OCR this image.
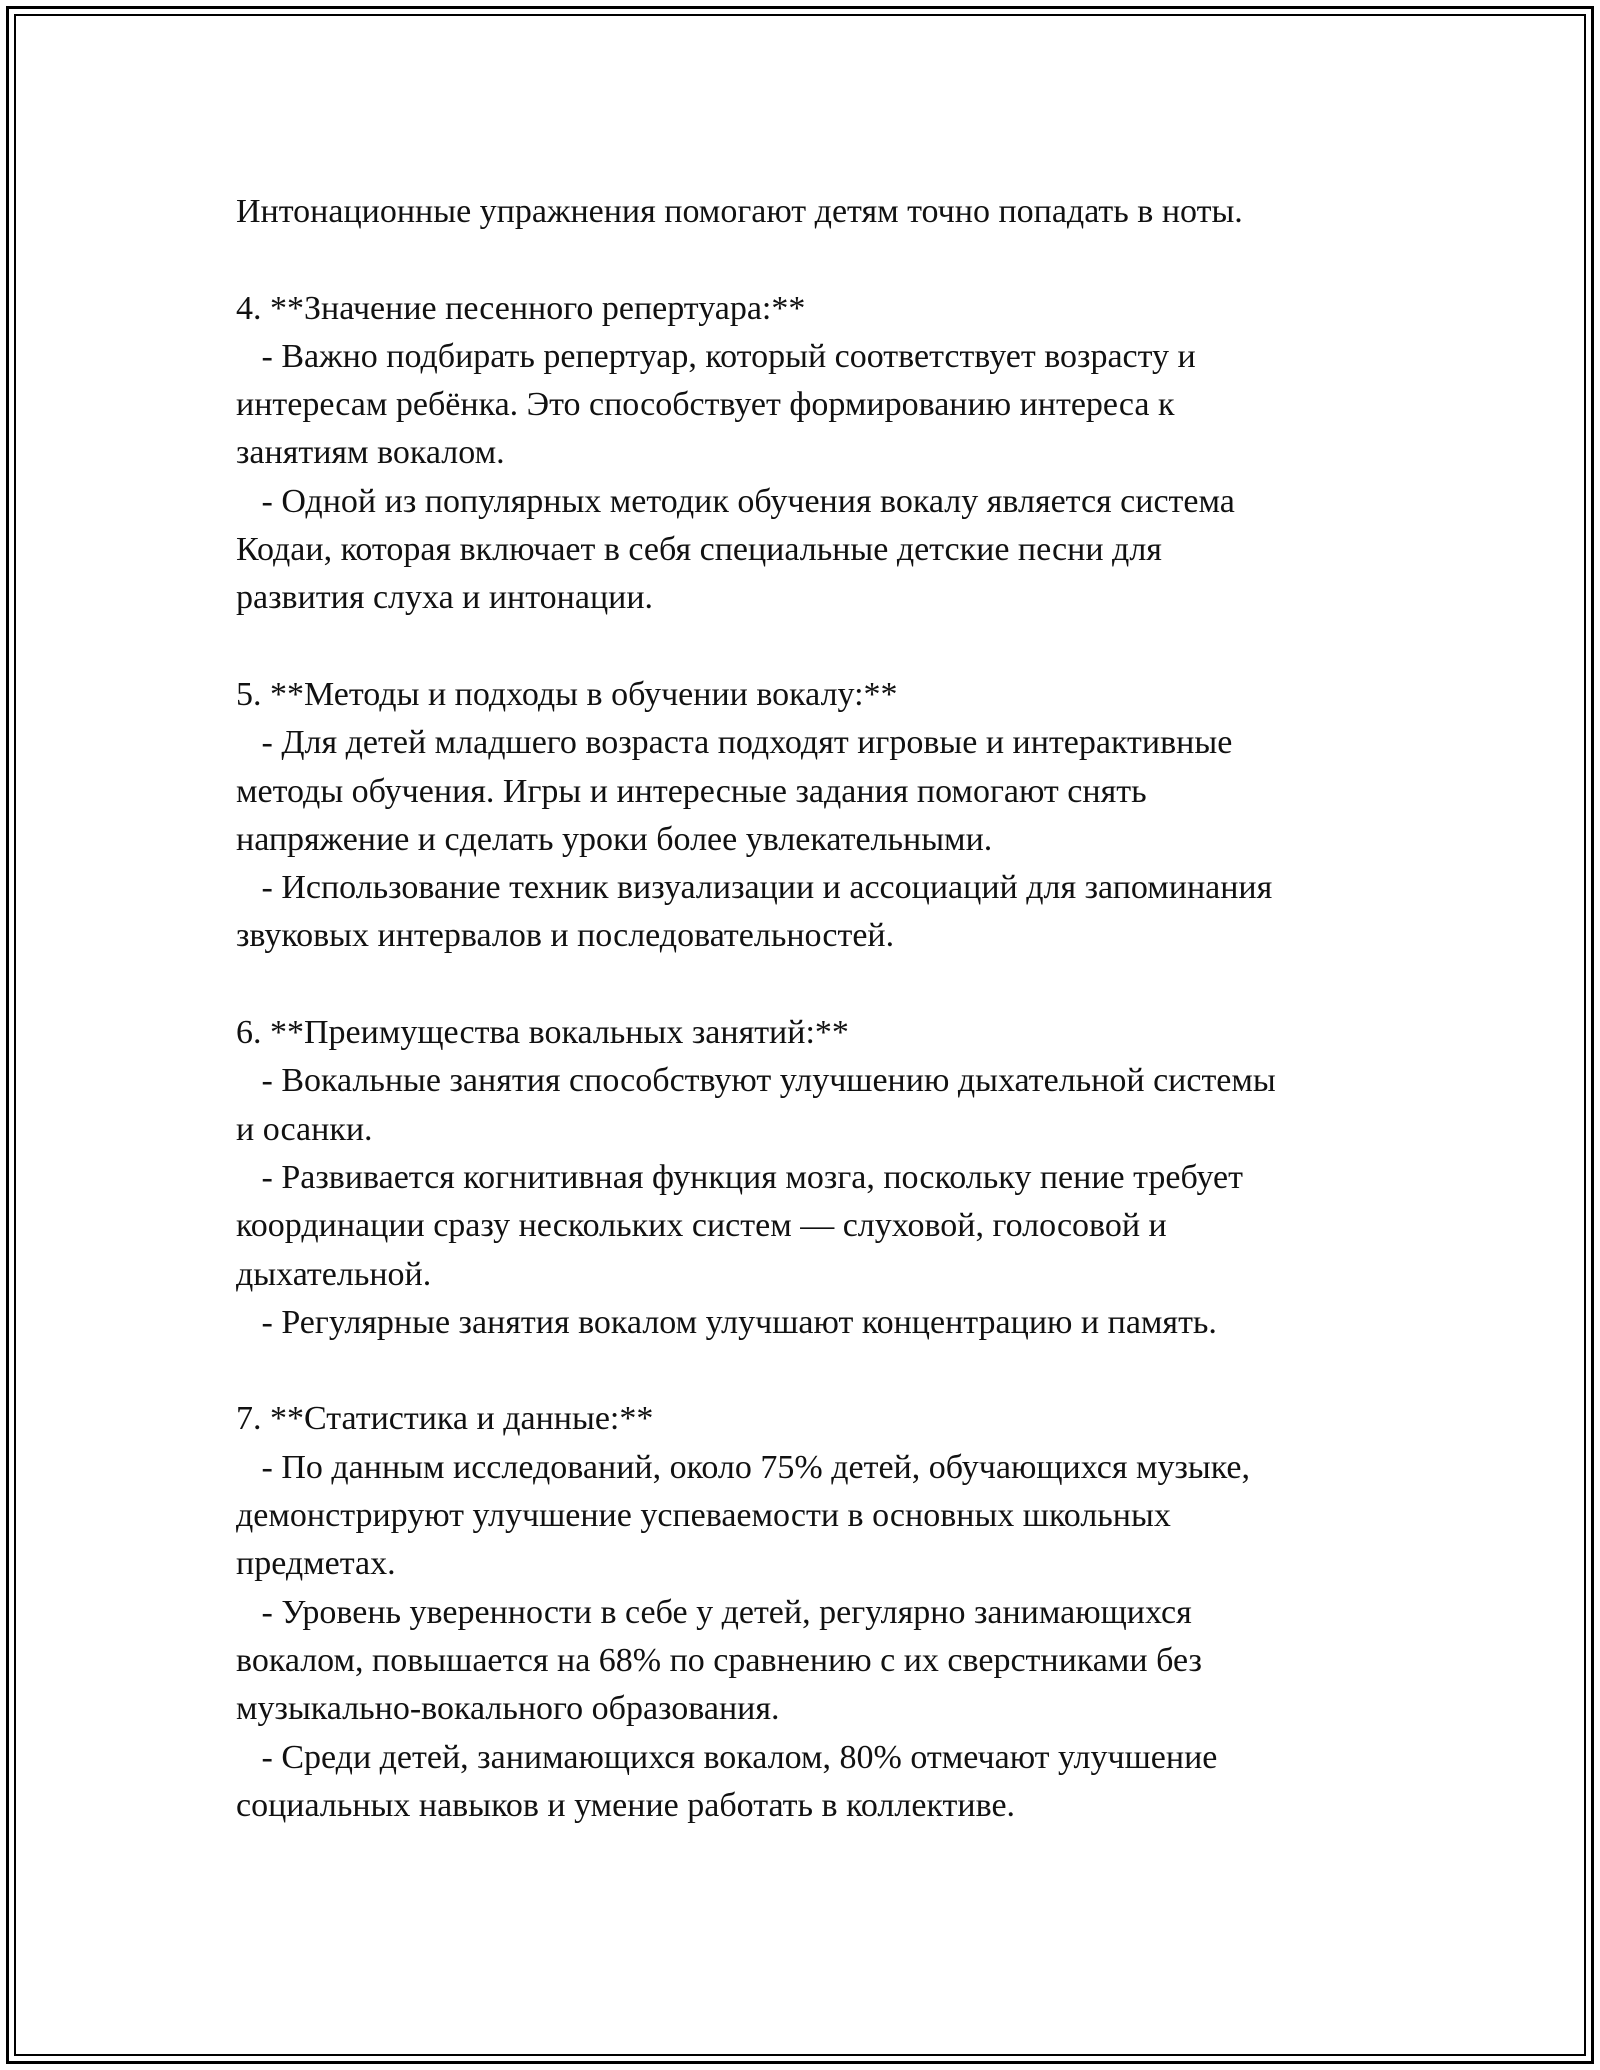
Интонационные упражнения помогают детям точно попадать в ноты.

4. **Значение песенного репертуара:**

- Важно подбирать репертуар, который соответствует возрасту и

интересам ребёнка. Это способствует формированию интереса к

занятиям вокалом.

- Одной из популярных методик обучения вокалу является система

Кодаи, которая включает в себя специальные детские песни для

развития слуха и интонации.

5. **Методы и подходы в обучении вокалу:**

- Для детей младшего возраста подходят игровые и интерактивные

методы обучения. Игры и интересные задания помогают снять

напряжение и сделать уроки более увлекательными.

- Использование техник визуализации и ассоциаций для запоминания

звуковых интервалов и последовательностей.

6. **Преимущества вокальных занятий:**

- Вокальные занятия способствуют улучшению дыхательной системы

и осанки.

- Развивается когнитивная функция мозга, поскольку пение требует

координации сразу нескольких систем — слуховой, голосовой и

дыхательной.

- Регулярные занятия вокалом улучшают концентрацию и память.

7. **Статистика и данные:**

- По данным исследований, около 75% детей, обучающихся музыке,

демонстрируют улучшение успеваемости в основных школьных

предметах.

- Уровень уверенности в себе у детей, регулярно занимающихся

вокалом, повышается на 68% по сравнению с их сверстниками без

музыкально-вокального образования.

- Среди детей, занимающихся вокалом, 80% отмечают улучшение

социальных навыков и умение работать в коллективе.
